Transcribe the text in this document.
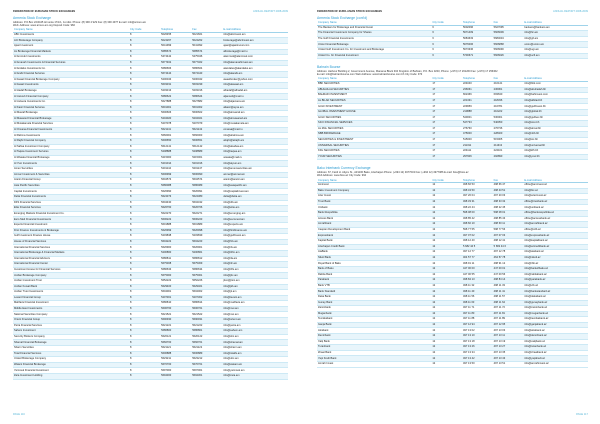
FEDERATION OF EURASIAN STOCK EXCHANGES	ANNUAL REPORT 2008-2009
Armenia Stock Exchange
Address: P.O.Box 22/4445 Armenia 17/1/1, 1st dist. Phone: (8) 390 4 929 Fax: (8) 390 4977 E-mail: info@armex.am
Web: Address: www.armex.am.org Deposit Code: 982
Company Name	City Code	Telephone	Fax	E-mail Address
ABC Investments	8	5026455	5021661	info@abcinvest.am
ACI Brokerage Company	8	5024267	5024262	brokerage@abciinvest.am
Ajast Investment	8	5041999	5041992	ajast@ajastinvest.com
AL Brokerage Financial Markets	8	5685674	5685674	albrokerage@mail.ru
Al Amrouk Investments	8	5474442	5475046	alamrouk@alamrouk.com
Al Amanah Investments & Financial Services	8	5677462	5677462	info@alamanahinvest.am
Al Andalus Investments Co.	8	5686666	5686664	alandalus@alandalus.am
Al Arabi Financial Services	8	5674444	5674443	info@alarabi.am
Al Awael Financial Brokerage Company	8	5200043	5200042	awaelbroker@yahoo.com
Al Awael Investments	8	5603331	5603339	info@alawael.am
Al Hadaf Brokerage	8	5203313	5203316	alhadaf@alhadaf.am
Al Janoub Financial Company	8	5686622	5686624	aljanoub@mail.ru
Al Jazeera Investments Co.	8	5627888	5627882	info@aljazeera.am
Al Kasir Financial Services	8	5601001	5601002	alkasir@ayna.am
Al Masraf Brokerage	8	5600606	5600602	info@almasraf.am
Al Mawared Financial Brokerage	8	5204020	5204021	info@almawared.am
Al Mutakamela Financial Services	8	5207078	5207079	info@mutakamela.am
Al Omaraa Financial Investments	8	5621141	5621142	omaraa@mail.ru
Al Rahma Investments	8	5666001	5666003	info@alrahma.am
Al Rajhi Financial Company	8	5606650	5606651	alrajhi@alrajhi.am
Al Safwa Investment Company	8	5612141	5612142	info@alsafwa.am
Al Taqwa Investment Services	8	5208888	5208889	info@taqwa.am
Al Wasata Financial Brokerage	8	5215000	5215001	wasata@mail.ru
Al Yusr Investments	8	5201014	5201016	info@alyusr.am
Amen Securities	8	5201144	5201147	info@amensecurities.am
Anmar Investment & Securities	8	5606999	5606990	anmar@anmar.am
Aranin Financial Group	8	5604573	5604574	aranin@aranin.am
Asia Pacific Securities	8	5686088	5686089	info@asiapacific.am
Capital Investments	8	5626990	5626991	info@capitalinvest.am
Delta Financial Investments	8	5624373	5624380	delta@delta.am
DFS Financial Services	8	5604430	5604432	info@dfs.am
Elite Financial Services	8	5626760	5626766	info@elite.am
Emerging Markets Financial Investment Co.	8	5622270	5622271	info@emerging.am
Euro Med Financial Investments	8	5606222	5606223	info@euromed.am
Experts Financial Investment	8	5601888	5601889	info@experts.am
First Finance Investments & Brokerage	8	5626999	5626998	info@firstfinance.am
Gulf Investment Finance House	8	5203838	5203839	info@gulfinvest.am
House of Financial Services	8	5604222	5604223	info@hfs.am
International Financial Services	8	5626900	5626901	info@ifs.am
International Brokerage & Financial Markets	8	5200860	5200861	info@ibfm.am
International Financial Advisors	8	5686811	5686812	info@ifa.am
International Financial Center	8	5675308	5675309	info@ifc.am
Investment House for Financial Services	8	5686633	5686634	info@ihfs.am
Jordan Brokerage Company	8	5675000	5675001	info@jbc.am
Jordan Investment Trust	8	5652222	5652226	jitco@jitco.am
Jordan Kuwait Bank	8	5629400	5629401	info@jkb.am
Jordan Trust Investments	8	5604001	5604002	info@jti.am
Levant Financial Group	8	5207301	5207302	info@levant.am
Mahfaza Financial Investment	8	5686810	5686814	info@mahfaza.am
Middle East Investments	8	5606760	5606761	info@mei.am
National Securities Company	8	5621521	5621522	info@nsc.am
Orient Financial Group	8	5690930	5690931	info@orient.am
Petra Financial Services	8	5621221	5621222	info@petra.am
Sahem Investment	8	5686800	5686801	info@sahem.am
Security Brokers Company	8	5620121	5620122	info@sbc.am
Shamal Financial Brokerage	8	5666700	5666701	info@shamal.am
Sharm Securities	8	5621121	5621122	info@sharm.am
Total Financial Services	8	5606888	5606889	info@totalfs.am
United Brokerage Company	8	5623211	5623212	info@ubc.am
Watani Financial Brokerage	8	5670700	5670701	info@watani.am
Yarmouk Financial Investment	8	5697000	5697001	info@yarmouk.am
Zara Investment Holding	8	5694300	5694301	info@zara.am
PAGE 116
FEDERATION OF EURO-ASIAN STOCK EXCHANGES	ANNUAL REPORT 2008-2009
Armenia Stock Exchange (cont'd)
Company Name	City Code	Telephone	Fax	E-mail Address
The Bankers for Brokerage and Financial Invest	6	5602096	5627095	bankers@bankers.am
The Financial Investment Company for Shares	6	5671409	5606609	info@fic.am
The Gulf Financial Investments	6	5684633	5684634	info@gfi.am
Union Financial Brokerage	6	5676006	5606868	union@union.am
United Gulf Investment Co. for Investment and Brokerage	6	5673336	5606690	info@ugi.am
United Co. for Financial Investment	6	5700671	5606626	info@ucfi.am
Bahrain Bourse
Address: Harbour Building 2, Government Avenue, Manama Block 304 Kingdom of Bahrain, P.O. Box 3203, Phone: (+973) 17 261260 Fax: (+973) 17 256362
E-mail: info@bahrainbourse.com Web Address: www.bahrainbourse.com.bh City Code: 973
Company Name	City Code	Telephone	Fax	E-mail Address
BBK SECURITIES	17	224040	210141	info@bbk.com
ABUHAILAH SECURITIES	17	236061	236061	info@abuhailah.bh
BAHRAIN INVESTMENT	17	662466	693630	info@bahinvest.com
AL BILAD SECURITIES	17	221331	218336	info@albilad.bh
GULF INVESTMENT	17	229959	216781	info@gulfinvest.bh
GLOBAL INVESTMENT HOUSE	17	210888	210222	info@global.bh
GULF SECURITIES	17	540001	530001	info@gulfsec.bh
SICO FINANCIAL SERVICES	17	547733	540050	info@sico.bh
AL MAL SECURITIES	17	276760	276736	info@almal.bh
NBB BROKERAGE	17	475000	228400	info@nbb.bh
SECURITIES & INVESTMENT	17	515000	515005	info@sic.bh
UNIVERSAL SECURITIES	17	211311	211313	info@universal.bh
KFH SECURITIES	17	224111	224101	info@kfh.bh
YOUR SECURITIES	17	297906	292890	info@your.bh
Baku Interbank Currency Exchange
Address: 67, Farid H. Aliyev St., AZ1100 Baku, Azerbaijan Phone: (+994 12) 4977043 Fax: (+994 12) 4977086 E-mail: bice@bice.az
Web Address: www.bice.az City Code: 994
Company Name	City Code	Telephone	Fax	E-mail Address
Aminvest	12	498 66 53	498 66 47	office@aminvest.az
Baku Investment Company	12	498 43 50	498 43 51	info@bic.az
Azer Invest	12	497 20 04	497 20 03	info@azerinvest.az
Trust Bank	12	498 33 31	498 33 32	office@trustbank.az
Unibank	12	498 22 44	498 22 45	info@unibank.az
Bank Respublika	12	598 08 00	598 08 01	office@bankrespublika.az
Access Bank	12	498 85 42	498 85 43	office@accessbank.az
Amrahbank	12	498 60 10	498 60 11	info@amrahbank.az
Caspian Development Bank	12	598 77 55	598 77 56	office@cdb.az
Expressbank	12	497 07 02	497 07 03	info@expressbank.az
Kapital Bank	12	498 12 40	498 12 41	info@kapitalbank.az
Azerbaijan Credit Bank	12	5 682 44 5	5 682 44 6	info@azcreditbank.az
AtaBank	12	497 12 77	497 12 78	info@atabank.az
Nikoil Bank	12	464 57 77	464 57 78	info@nikoil.az
Royal Bank of Baku	12	498 91 11	498 91 12	info@rbb.az
Bank of Baku	12	447 00 00	447 00 01	info@bankofbaku.az
Rabita Bank	12	447 00 55	447 00 56	info@rabitabank.az
Parabank	12	498 84 13	498 84 14	info@parabank.az
Bank VTB	12	498 11 32	498 11 33	info@vtb.az
Bank Standard	12	498 11 40	498 11 41	info@bankstandard.az
Deka Bank	12	498 11 56	498 11 57	info@dekabank.az
Gunay Bank	12	498 11 63	498 11 64	info@gunaybank.az
Zaminbank	12	497 11 71	497 11 72	info@zaminbank.az
Muganbank	12	497 11 80	497 11 81	info@muganbank.az
Texnikabank	12	497 11 88	497 11 89	info@texnikabank.az
Ganja Bank	12	497 12 94	497 12 95	info@ganjabank.az
Atrabank	12	497 13 02	497 13 03	info@atrabank.az
Demirbank	12	497 13 10	497 13 11	info@demirbank.az
Xalq Bank	12	497 13 18	497 13 19	info@xalqbank.az
Turanbank	12	497 13 26	497 13 27	info@turanbank.az
Ziraat Bank	12	497 13 34	497 13 35	info@ziraatbank.az
Yapi Kredi Bank	12	497 13 42	497 13 43	info@yapikredi.az
Amrah Invest	12	497 13 50	497 13 51	info@amrahinvest.az
PAGE 117
